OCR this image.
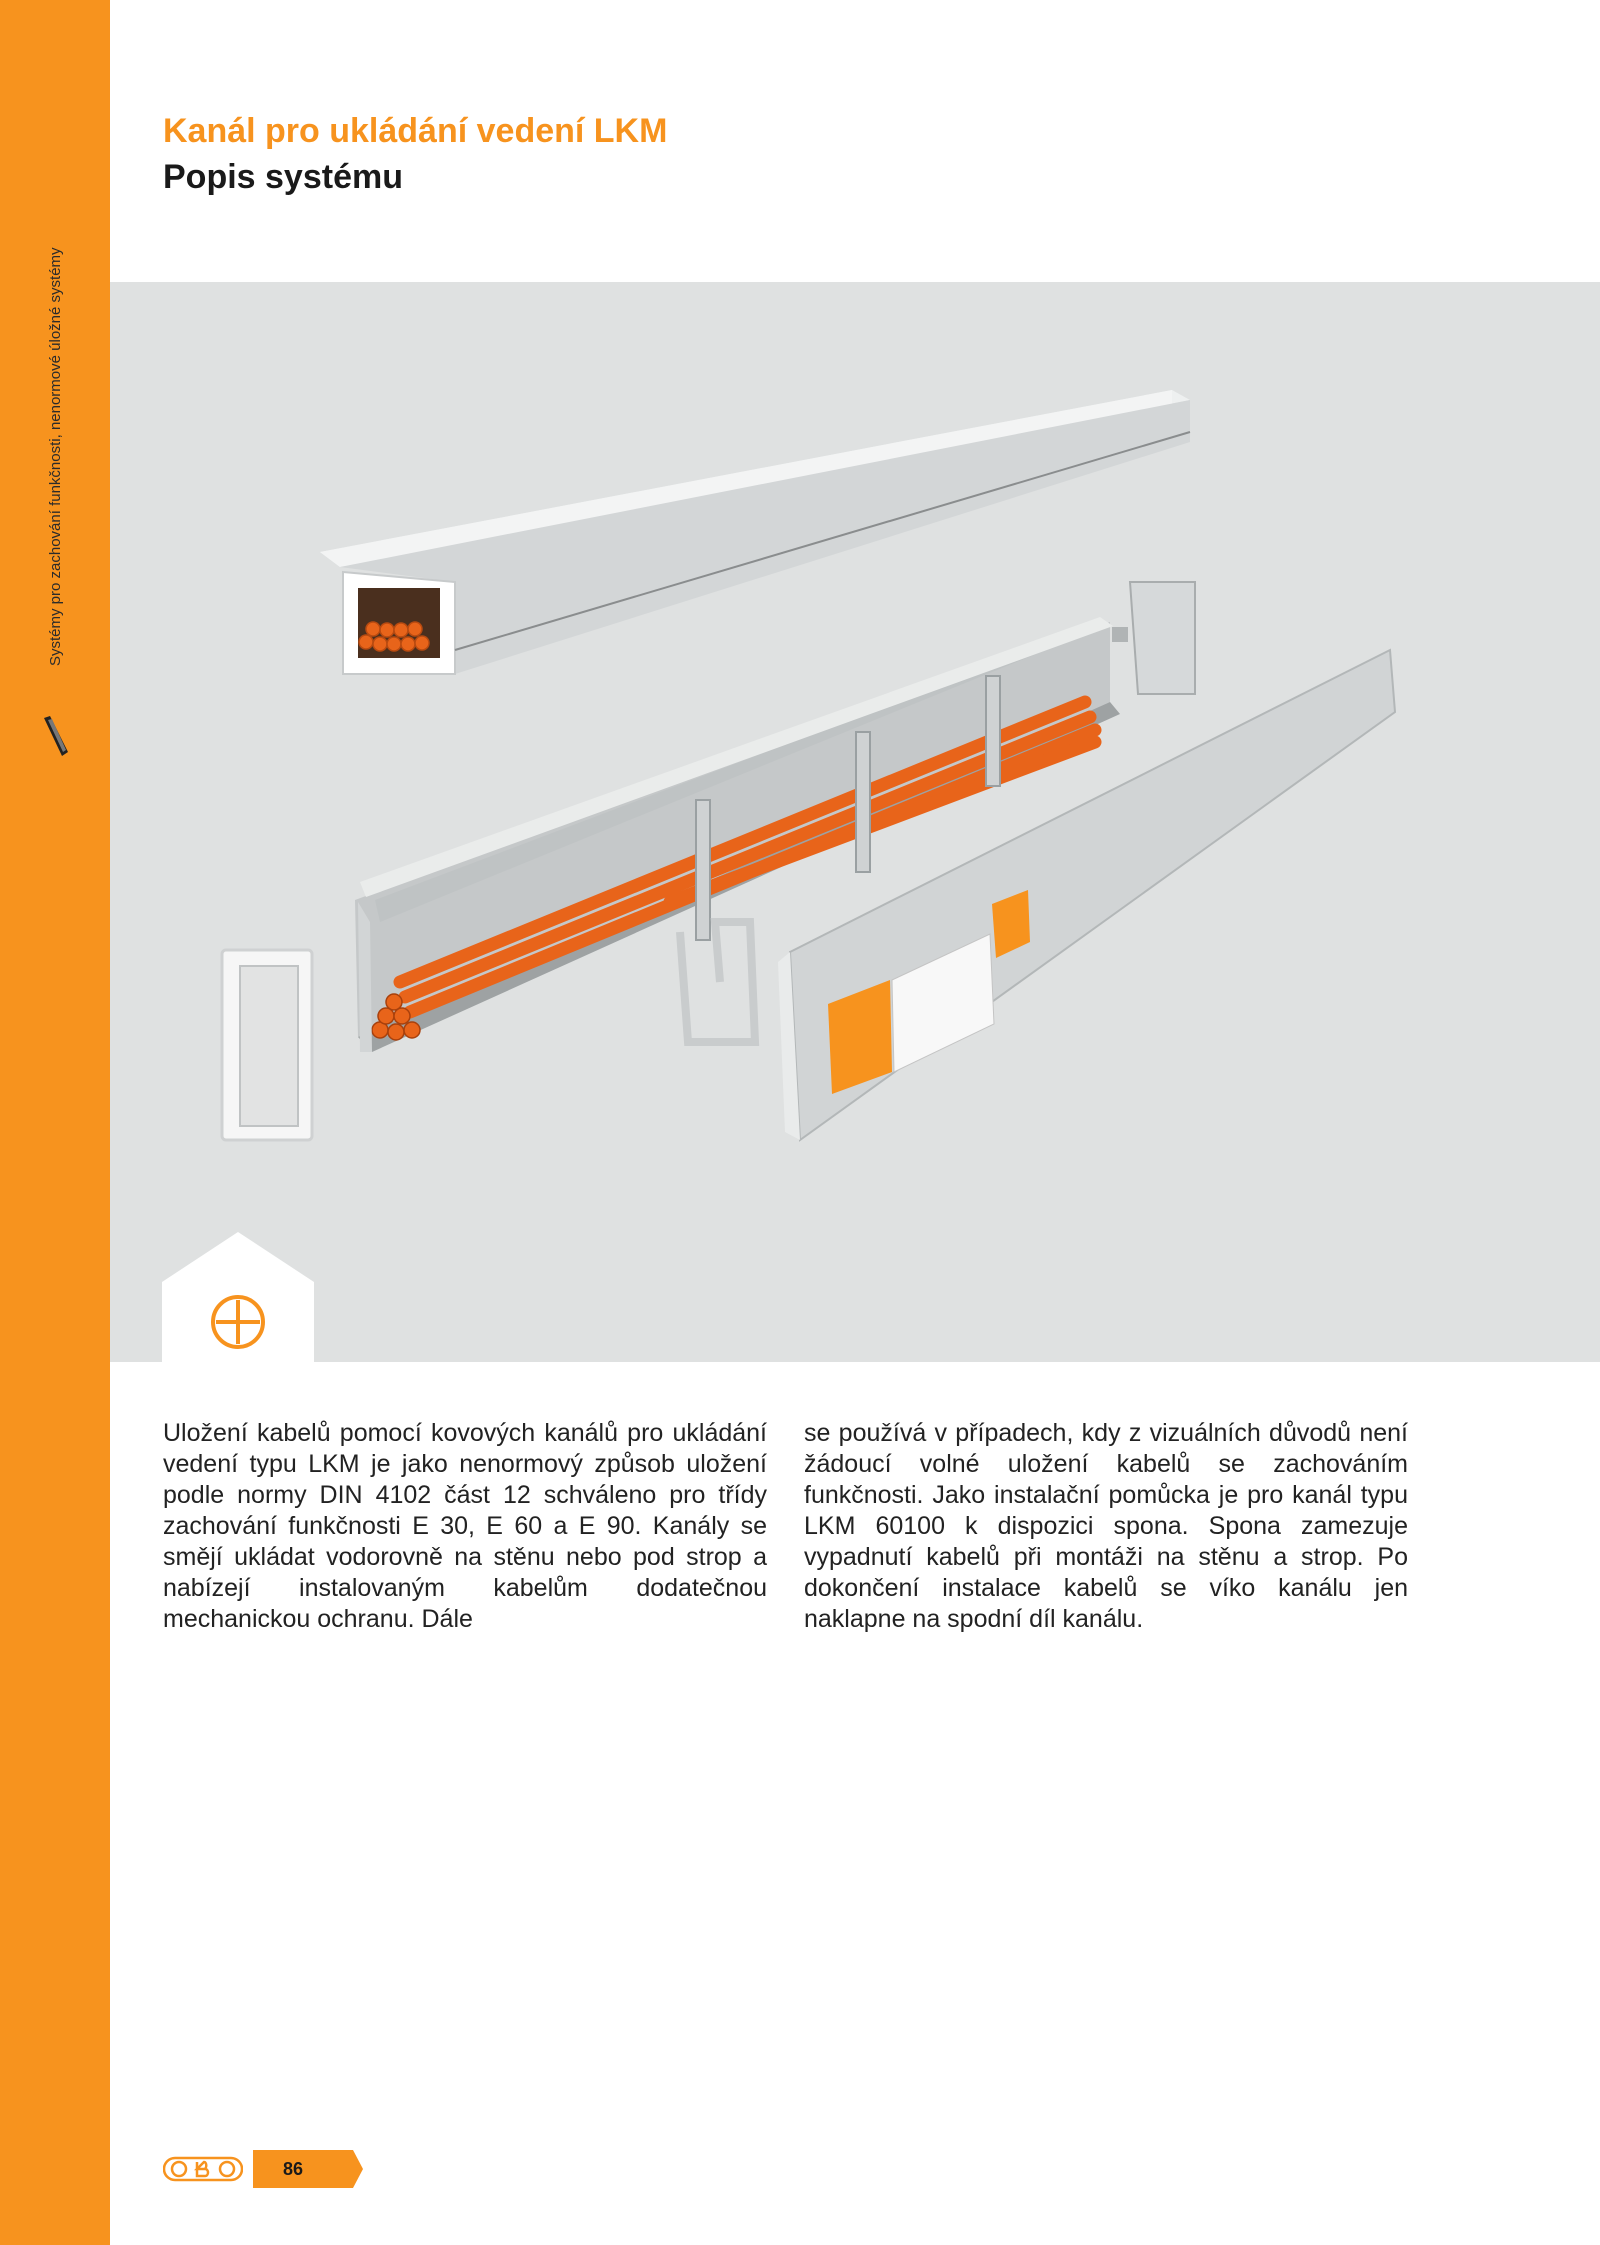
Systémy pro zachování funkčnosti, nenormové úložné systémy
Kanál pro ukládání vedení LKM
Popis systému

Uložení kabelů pomocí kovových kanálů pro ukládání vedení typu LKM je jako nenormový způsob uložení podle normy DIN 4102 část 12 schváleno pro třídy zachování funkčnosti E 30, E 60 a E 90. Kanály se smějí ukládat vodorovně na stěnu nebo pod strop a nabízejí instalovaným kabelům dodatečnou mechanickou ochranu. Dále

se používá v případech, kdy z vizuálních důvodů není žádoucí volné uložení kabelů se zachováním funkčnosti. Jako instalační pomůcka je pro kanál typu LKM 60100 k dispozici spona. Spona zamezuje vypadnutí kabelů při montáži na stěnu a strop. Po dokončení instalace kabelů se víko kanálu jen naklapne na spodní díl kanálu.

86
